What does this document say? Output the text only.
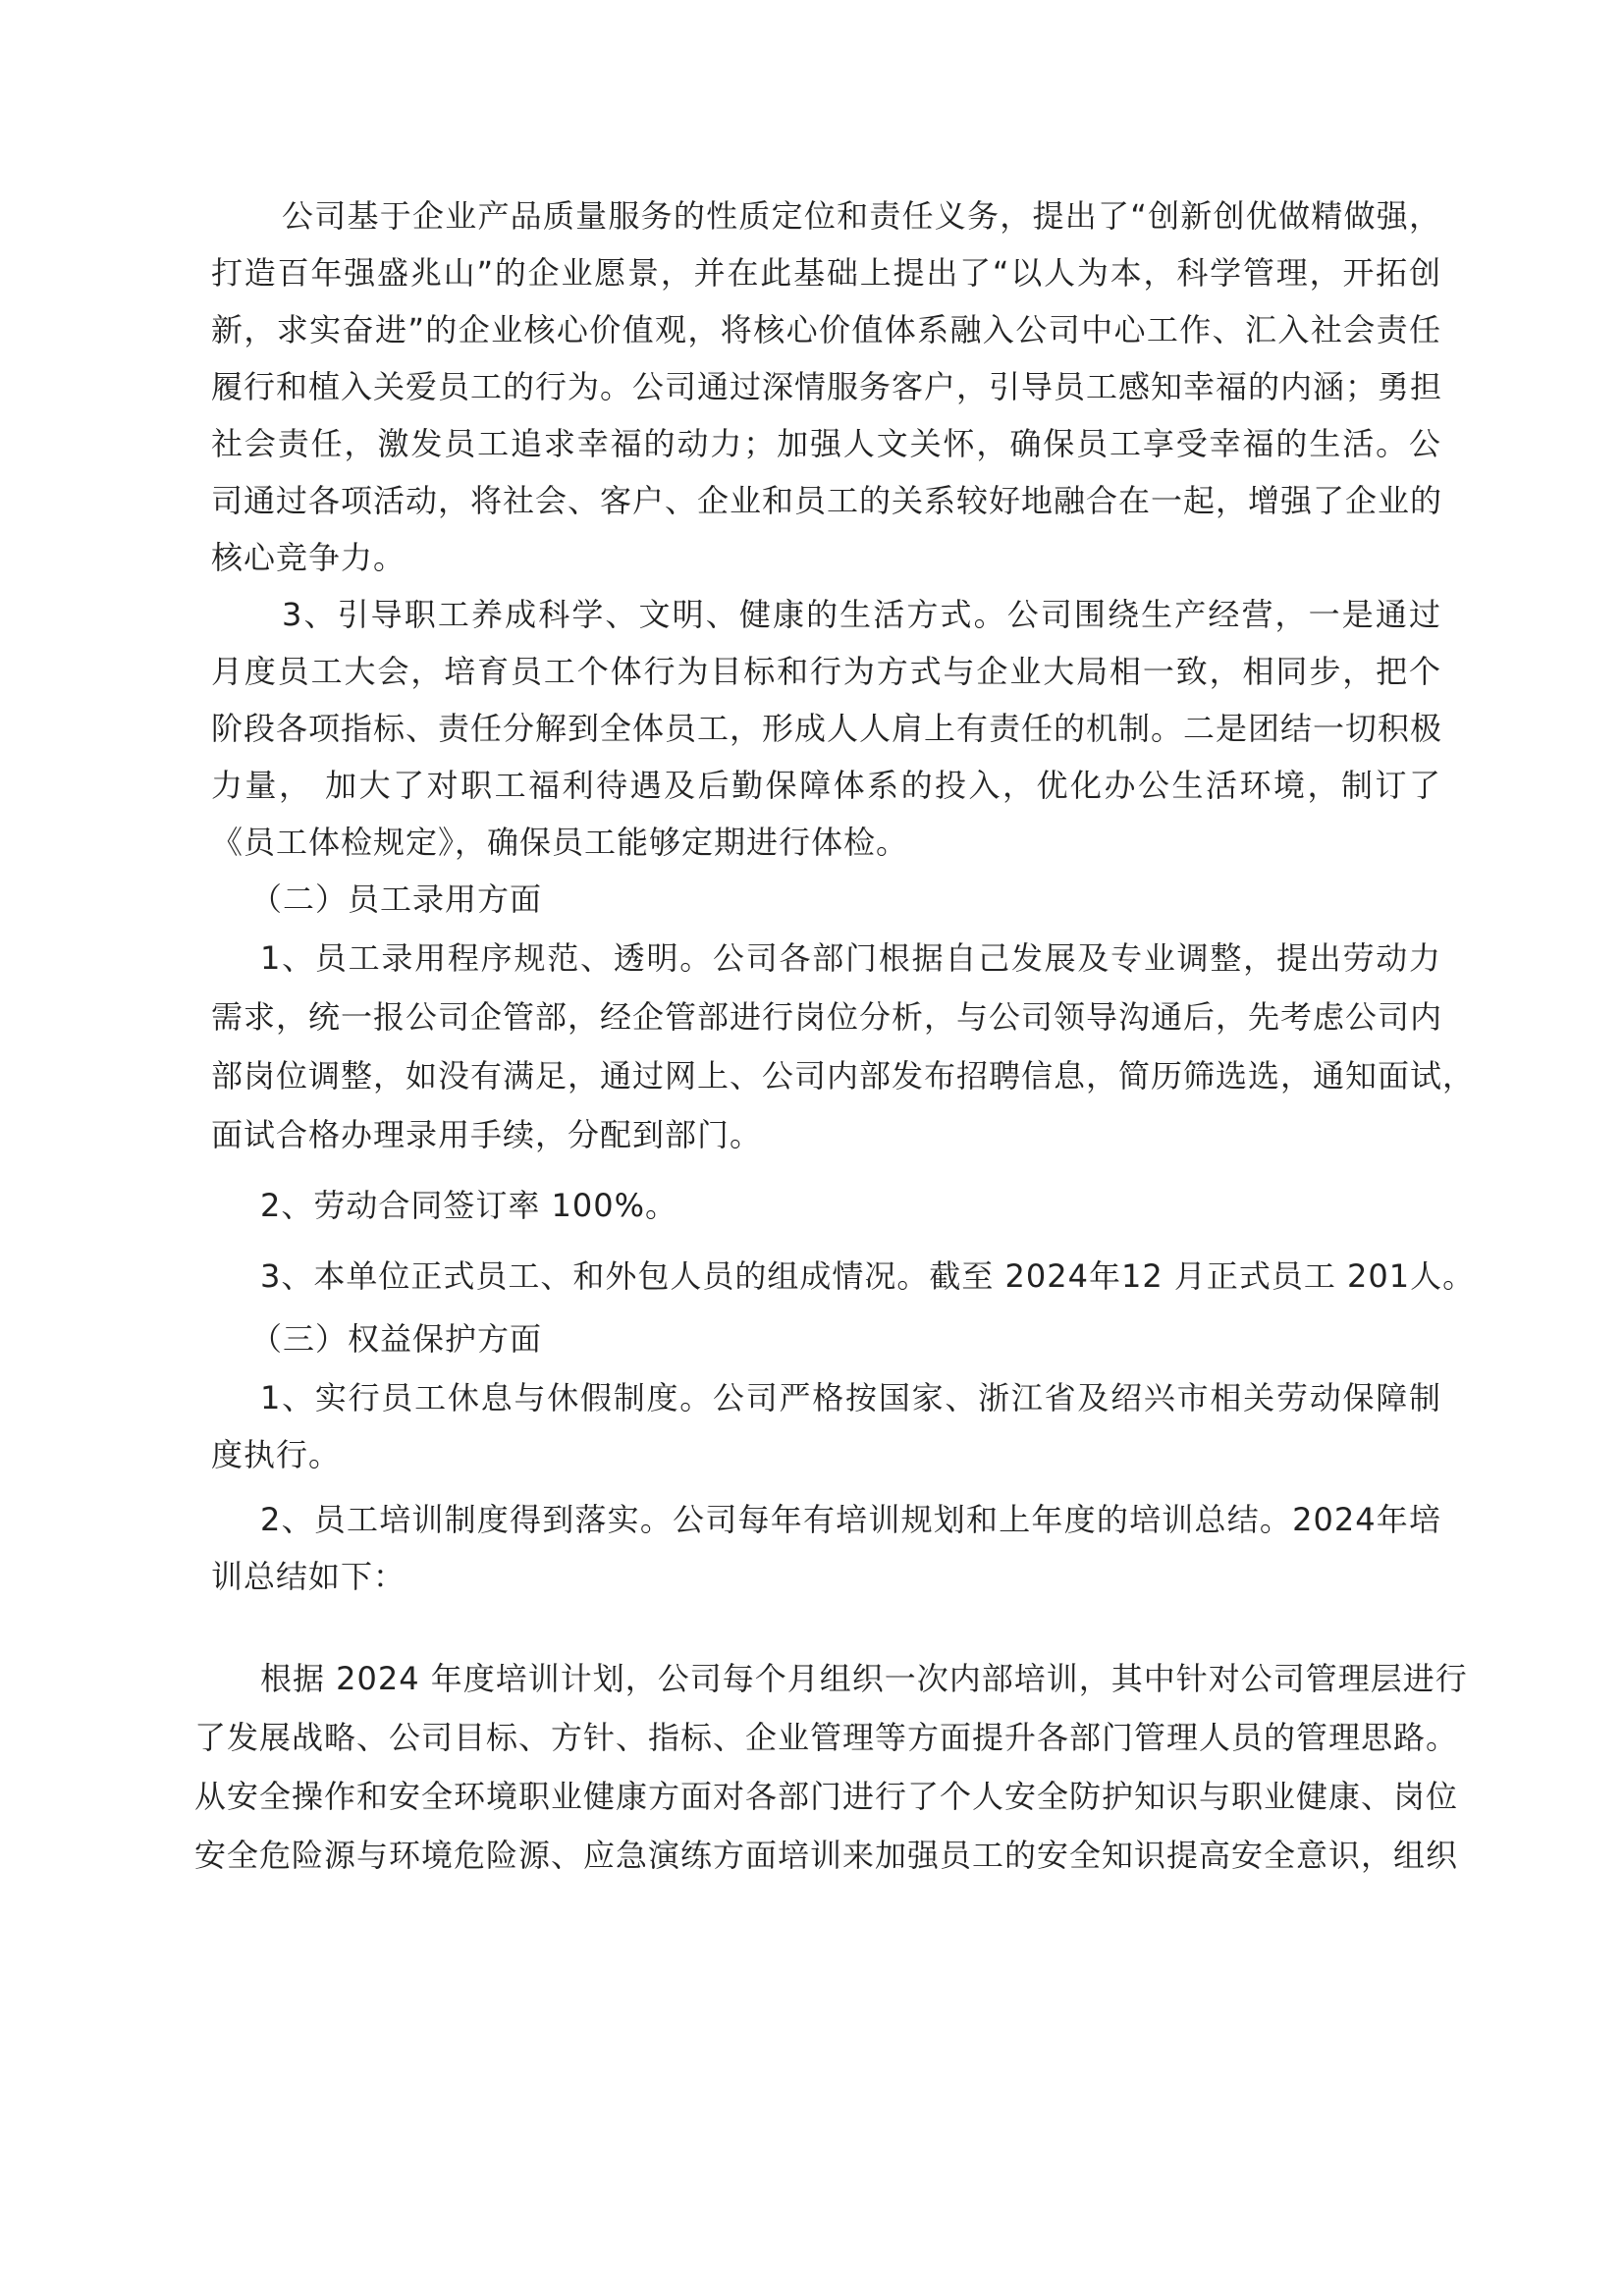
公司基于企业产品质量服务的性质定位和责任义务，提出了“创新创优做精做强，
打造百年强盛兆山”的企业愿景，并在此基础上提出了“以人为本，科学管理，开拓创
新，求实奋进”的企业核心价值观，将核心价值体系融入公司中心工作、汇入社会责任
履行和植入关爱员工的行为。公司通过深情服务客户，引导员工感知幸福的内涵；勇担
社会责任，激发员工追求幸福的动力；加强人文关怀，确保员工享受幸福的生活。公
司通过各项活动，将社会、客户、企业和员工的关系较好地融合在一起，增强了企业的
核心竞争力。
3、引导职工养成科学、文明、健康的生活方式。公司围绕生产经营，一是通过
月度员工大会，培育员工个体行为目标和行为方式与企业大局相一致，相同步，把个
阶段各项指标、责任分解到全体员工，形成人人肩上有责任的机制。二是团结一切积极
力量， 加大了对职工福利待遇及后勤保障体系的投入，优化办公生活环境，制订了
《员工体检规定》，确保员工能够定期进行体检。
（二）员工录用方面
1、员工录用程序规范、透明。公司各部门根据自己发展及专业调整，提出劳动力
需求，统一报公司企管部，经企管部进行岗位分析，与公司领导沟通后，先考虑公司内
部岗位调整，如没有满足，通过网上、公司内部发布招聘信息，简历筛选选，通知面试，
面试合格办理录用手续，分配到部门。
2、劳动合同签订率 100%。
3、本单位正式员工、和外包人员的组成情况。截至 2024年12 月正式员工 201人。
（三）权益保护方面
1、实行员工休息与休假制度。公司严格按国家、浙江省及绍兴市相关劳动保障制
度执行。
2、员工培训制度得到落实。公司每年有培训规划和上年度的培训总结。2024年培
训总结如下：
根据 2024 年度培训计划，公司每个月组织一次内部培训，其中针对公司管理层进行
了发展战略、公司目标、方针、指标、企业管理等方面提升各部门管理人员的管理思路。
从安全操作和安全环境职业健康方面对各部门进行了个人安全防护知识与职业健康、岗位
安全危险源与环境危险源、应急演练方面培训来加强员工的安全知识提高安全意识，组织
